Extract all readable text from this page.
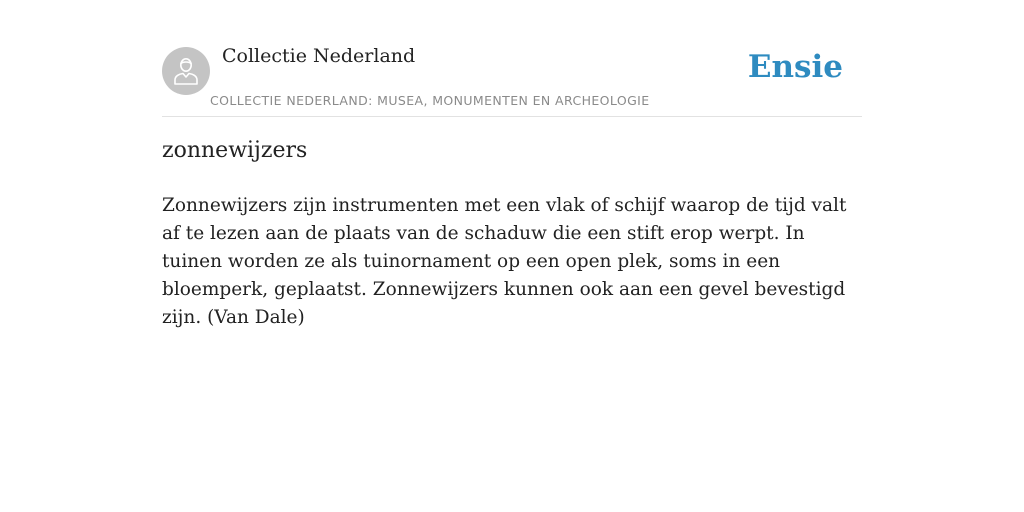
Collectie Nederland
COLLECTIE NEDERLAND: MUSEA, MONUMENTEN EN ARCHEOLOGIE
Ensie
zonnewijzers

Zonnewijzers zijn instrumenten met een vlak of schijf waarop de tijd valt af te lezen aan de plaats van de schaduw die een stift erop werpt. In tuinen worden ze als tuinornament op een open plek, soms in een bloemperk, geplaatst. Zonnewijzers kunnen ook aan een gevel bevestigd zijn. (Van Dale)
